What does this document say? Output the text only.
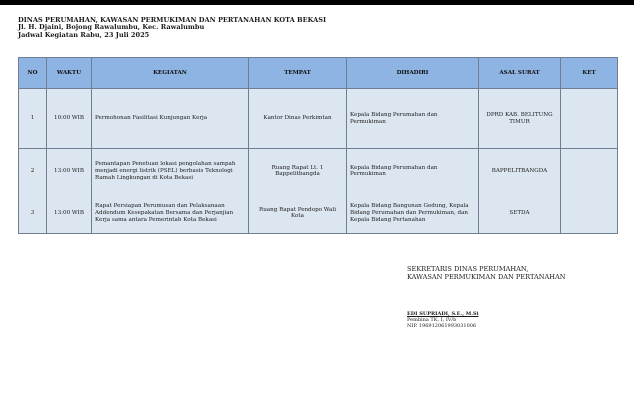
DINAS PERUMAHAN, KAWASAN PERMUKIMAN DAN PERTANAHAN KOTA BEKASI
Jl. H. Djaini, Bojong Rawalumbu, Kec. Rawalumbu
Jadwal Kegiatan Rabu, 23 Juli 2025
NO	WAKTU	KEGIATAN	TEMPAT	DIHADIRI	ASAL SURAT	KET
1	10:00 WIB	Permohonan Fasilitasi Kunjungan Kerja	Kantor Dinas Perkimtan	Kepala Bidang Perumahan dan Permukiman	DPRD KAB. BELITUNG TIMUR	
2	13:00 WIB	Pemantapan Penetuan lokasi pengolahan sampah menjadi energi listrik (PSEL) berbasis Teknologi Ramah Lingkungan di Kota Bekasi	Ruang Rapat Lt. 1 Bappelitbangda	Kepala Bidang Perumahan dan Permukiman	BAPPELITBANGDA	
3	13:00 WIB	Rapat Persiapan Perumusan dan Pelaksanaan Addendum Kesepakatan Bersama dan Perjanjian Kerja sama antara Pemerintah Kota Bekasi	Ruang Rapat Pendopo Wali Kota	Kepala Bidang Bangunan Gedung, Kepala Bidang Perumahan dan Permukiman, dan Kepala Bidang Pertanahan	SETDA	
SEKRETARIS DINAS PERUMAHAN,
KAWASAN PERMUKIMAN DAN PERTANAHAN
EDI SUPRIADI, S.E., M.Si
Pembina TK. I, IV/b
NIP. 196912061993031006
